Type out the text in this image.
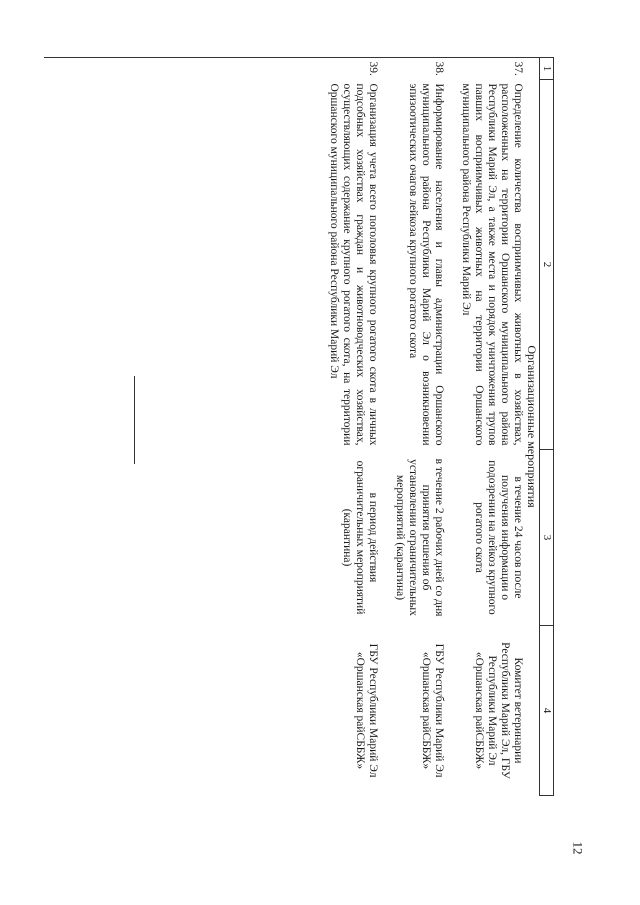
12
1	2	3	4
Организационные мероприятия			
37.	Определение количества восприимчивых животных в хозяйствах, расположенных на территории Оршанского муниципального района Республики Марий Эл, а также места и порядок уничтожения трупов павших восприимчивых животных на территории Оршанского муниципального района Республики Марий Эл	в течение 24 часов после получения информации о подозрении на лейкоз крупного рогатого скота	Комитет ветеринарии Республики Марий Эл, ГБУ Республики Марий Эл «Оршанская райСББЖ»
38.	Информирование населения и главы администрации Оршанского муниципального района Республики Марий Эл о возникновении эпизоотических очагов лейкоза крупного рогатого скота	в течение 2 рабочих дней со дня принятия решения об установлении ограничительных мероприятий (карантина)	ГБУ Республики Марий Эл «Оршанская райСББЖ»
39.	Организация учета всего поголовья крупного рогатого скота в личных подсобных хозяйствах граждан и животноводческих хозяйствах, осуществляющих содержание крупного рогатого скота, на территории Оршанского муниципального района Республики Марий Эл	в период действия ограничительных мероприятий (карантина)	ГБУ Республики Марий Эл «Оршанская райСББЖ»
